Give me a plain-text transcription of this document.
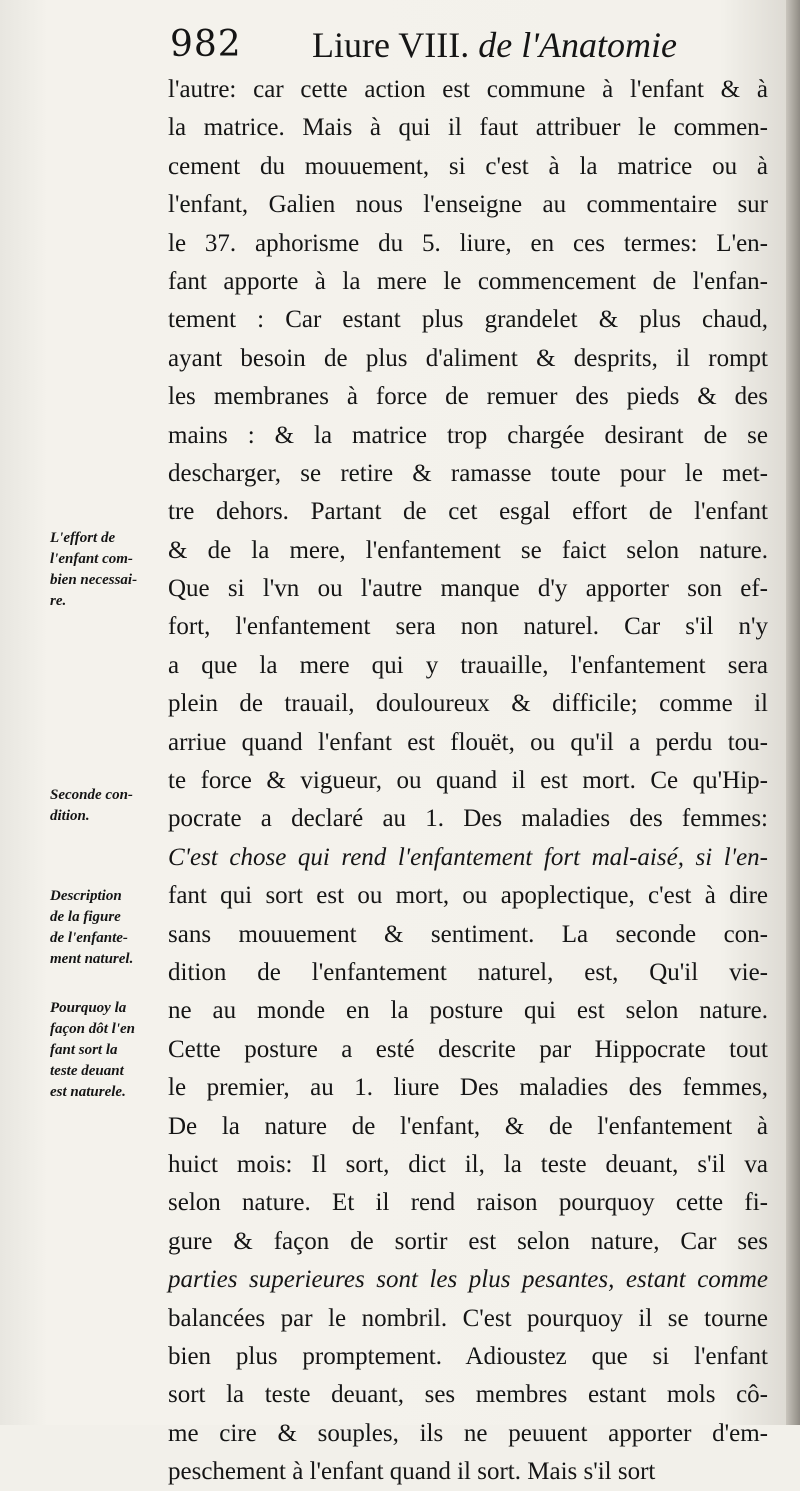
982 Liure VIII. de l'Anatomie
l'autre: car cette action est commune à l'enfant & à
la matrice. Mais à qui il faut attribuer le commen-
cement du mouuement, si c'est à la matrice ou à
l'enfant, Galien nous l'enseigne au commentaire sur
le 37. aphorisme du 5. liure, en ces termes: L'en-
fant apporte à la mere le commencement de l'enfan-
tement : Car estant plus grandelet & plus chaud,
ayant besoin de plus d'aliment & desprits, il rompt
les membranes à force de remuer des pieds & des
mains : & la matrice trop chargée desirant de se
descharger, se retire & ramasse toute pour le met-
tre dehors. Partant de cet esgal effort de l'enfant
& de la mere, l'enfantement se faict selon nature.
Que si l'vn ou l'autre manque d'y apporter son ef-
fort, l'enfantement sera non naturel. Car s'il n'y
a que la mere qui y trauaille, l'enfantement sera
plein de trauail, douloureux & difficile; comme il
arriue quand l'enfant est flouët, ou qu'il a perdu tou-
te force & vigueur, ou quand il est mort. Ce qu'Hip-
pocrate a declaré au 1. Des maladies des femmes:
C'est chose qui rend l'enfantement fort mal-aisé, si l'en-
fant qui sort est ou mort, ou apoplectique, c'est à dire
sans mouuement & sentiment. La seconde con-
dition de l'enfantement naturel, est, Qu'il vie-
ne au monde en la posture qui est selon nature.
Cette posture a esté descrite par Hippocrate tout
le premier, au 1. liure Des maladies des femmes,
De la nature de l'enfant, & de l'enfantement à
huict mois: Il sort, dict il, la teste deuant, s'il va
selon nature. Et il rend raison pourquoy cette fi-
gure & façon de sortir est selon nature, Car ses
parties superieures sont les plus pesantes, estant comme
balancées par le nombril. C'est pourquoy il se tourne
bien plus promptement. Adioustez que si l'enfant
sort la teste deuant, ses membres estant mols cô-
me cire & souples, ils ne peuuent apporter d'em-
peschement à l'enfant quand il sort. Mais s'il sort
L'effort de
l'enfant com-
bien necessai-
re.
Seconde con-
dition.
Description
de la figure
de l'enfante-
ment naturel.
Pourquoy la
façon dôt l'en
fant sort la
teste deuant
est naturele.
